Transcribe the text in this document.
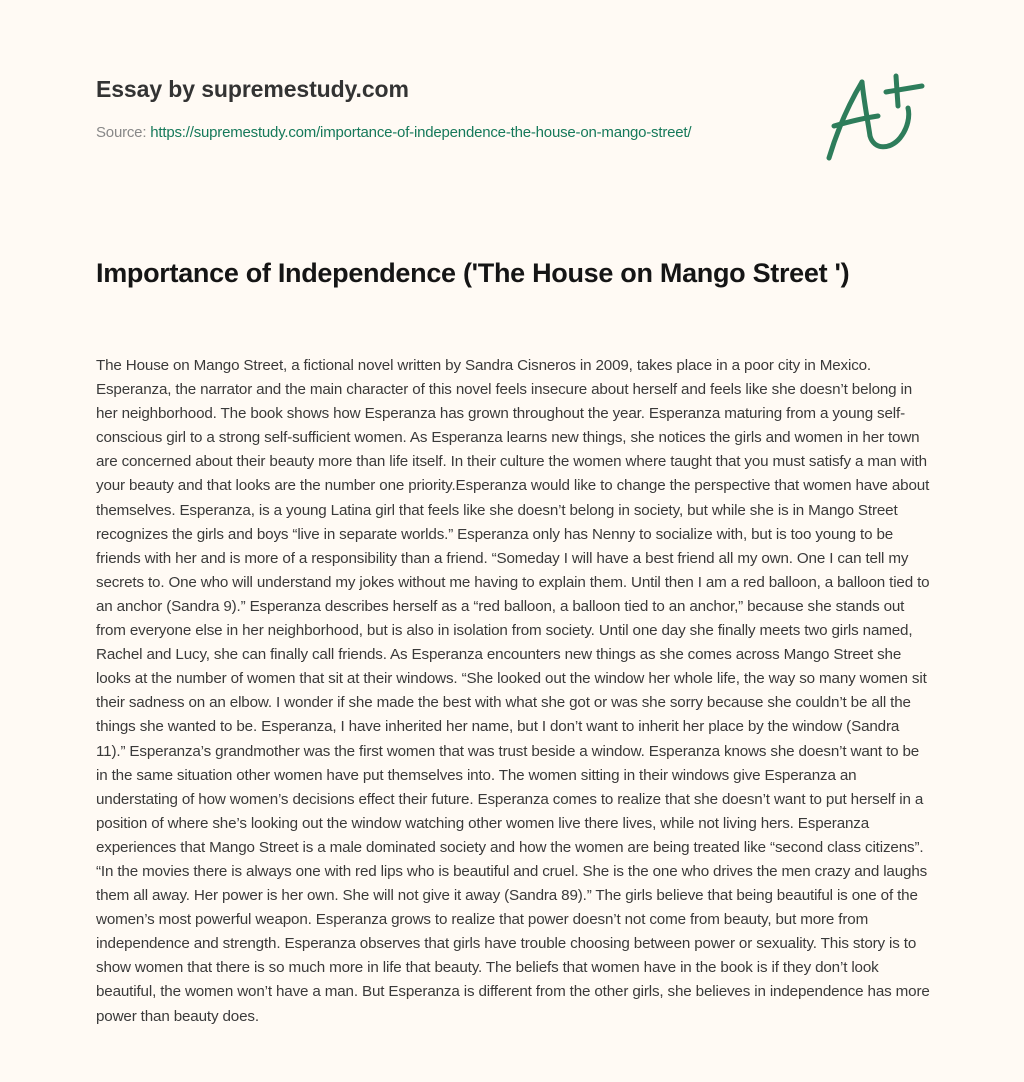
Essay by supremestudy.com
Source: https://supremestudy.com/importance-of-independence-the-house-on-mango-street/
Importance of Independence ('The House on Mango Street ')

The House on Mango Street, a fictional novel written by Sandra Cisneros in 2009, takes place in a poor city in Mexico. Esperanza, the narrator and the main character of this novel feels insecure about herself and feels like she doesn’t belong in her neighborhood. The book shows how Esperanza has grown throughout the year. Esperanza maturing from a young self-conscious girl to a strong self-sufficient women. As Esperanza learns new things, she notices the girls and women in her town are concerned about their beauty more than life itself. In their culture the women where taught that you must satisfy a man with your beauty and that looks are the number one priority.Esperanza would like to change the perspective that women have about themselves. Esperanza, is a young Latina girl that feels like she doesn’t belong in society, but while she is in Mango Street recognizes the girls and boys “live in separate worlds.” Esperanza only has Nenny to socialize with, but is too young to be friends with her and is more of a responsibility than a friend. “Someday I will have a best friend all my own. One I can tell my secrets to. One who will understand my jokes without me having to explain them. Until then I am a red balloon, a balloon tied to an anchor (Sandra 9).” Esperanza describes herself as a “red balloon, a balloon tied to an anchor,” because she stands out from everyone else in her neighborhood, but is also in isolation from society. Until one day she finally meets two girls named, Rachel and Lucy, she can finally call friends. As Esperanza encounters new things as she comes across Mango Street she looks at the number of women that sit at their windows. “She looked out the window her whole life, the way so many women sit their sadness on an elbow. I wonder if she made the best with what she got or was she sorry because she couldn’t be all the things she wanted to be. Esperanza, I have inherited her name, but I don’t want to inherit her place by the window (Sandra 11).” Esperanza’s grandmother was the first women that was trust beside a window. Esperanza knows she doesn’t want to be in the same situation other women have put themselves into. The women sitting in their windows give Esperanza an understating of how women’s decisions effect their future. Esperanza comes to realize that she doesn’t want to put herself in a position of where she’s looking out the window watching other women live there lives, while not living hers. Esperanza experiences that Mango Street is a male dominated society and how the women are being treated like “second class citizens”. “In the movies there is always one with red lips who is beautiful and cruel. She is the one who drives the men crazy and laughs them all away. Her power is her own. She will not give it away (Sandra 89).” The girls believe that being beautiful is one of the women’s most powerful weapon. Esperanza grows to realize that power doesn’t not come from beauty, but more from independence and strength. Esperanza observes that girls have trouble choosing between power or sexuality. This story is to show women that there is so much more in life that beauty. The beliefs that women have in the book is if they don’t look beautiful, the women won’t have a man. But Esperanza is different from the other girls, she believes in independence has more power than beauty does.
